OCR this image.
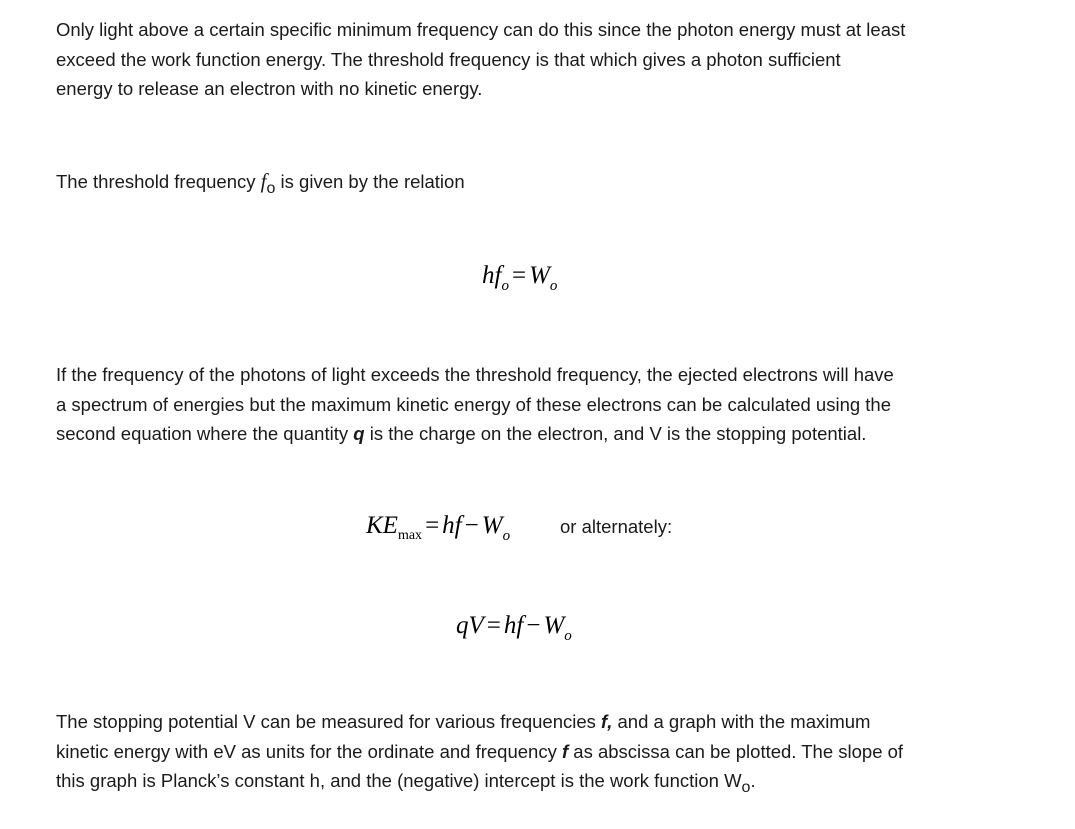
Only light above a certain specific minimum frequency can do this since the photon energy must at least
exceed the work function energy. The threshold frequency is that which gives a photon sufficient
energy to release an electron with no kinetic energy.
The threshold frequency fo is given by the relation
$hf_o = W_o$
If the frequency of the photons of light exceeds the threshold frequency, the ejected electrons will have
a spectrum of energies but the maximum kinetic energy of these electrons can be calculated using the
second equation where the quantity q is the charge on the electron, and V is the stopping potential.
$KE_{max}$ = hf − $W_o$	or alternately:
qV = hf − $W_o$
The stopping potential V can be measured for various frequencies f, and a graph with the maximum
kinetic energy with eV as units for the ordinate and frequency f as abscissa can be plotted. The slope of
this graph is Planck’s constant h, and the (negative) intercept is the work function Wo.
